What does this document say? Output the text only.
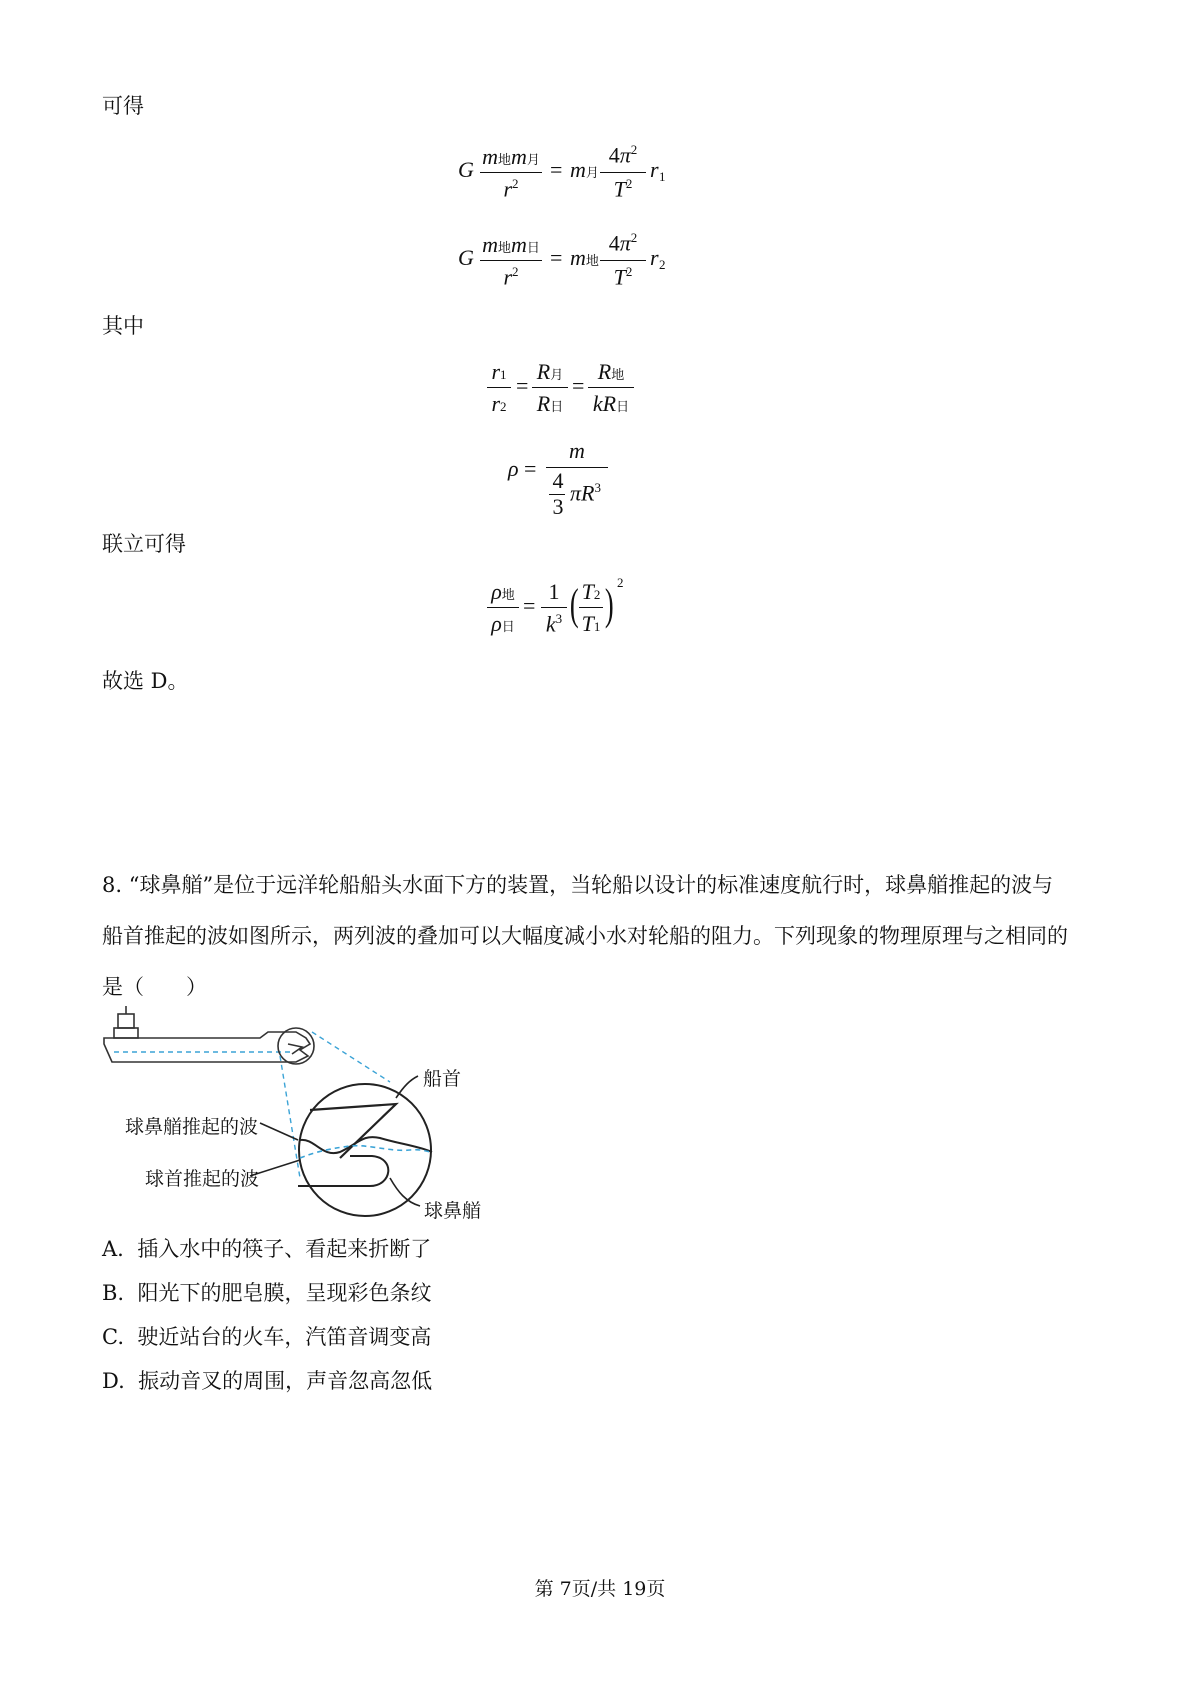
可得
G
m地m月
$r^2$
= m月
$4\pi^2$
$T^2$
r 1
G
m地m日
$r^2$
= m地
$4\pi^2$
$T^2$
r 2
其中
r1
r2
=
R月
R日
=
R地
kR日
ρ =
m
4
3
$\pi R^3$
联立可得
ρ地
ρ日
=
1
$k^3$ ( T2
T1 ) 2
故选 D。
8. “球鼻艏”是位于远洋轮船船头水面下方的装置，当轮船以设计的标准速度航行时，球鼻艏推起的波与
船首推起的波如图所示，两列波的叠加可以大幅度减小水对轮船的阻力。下列现象的物理原理与之相同的
是（　　）
船首
球鼻艏推起的波
球首推起的波
球鼻艏
A. 插入水中的筷子、看起来折断了
B. 阳光下的肥皂膜，呈现彩色条纹
C. 驶近站台的火车，汽笛音调变高
D. 振动音叉的周围，声音忽高忽低
第 7页/共 19页
